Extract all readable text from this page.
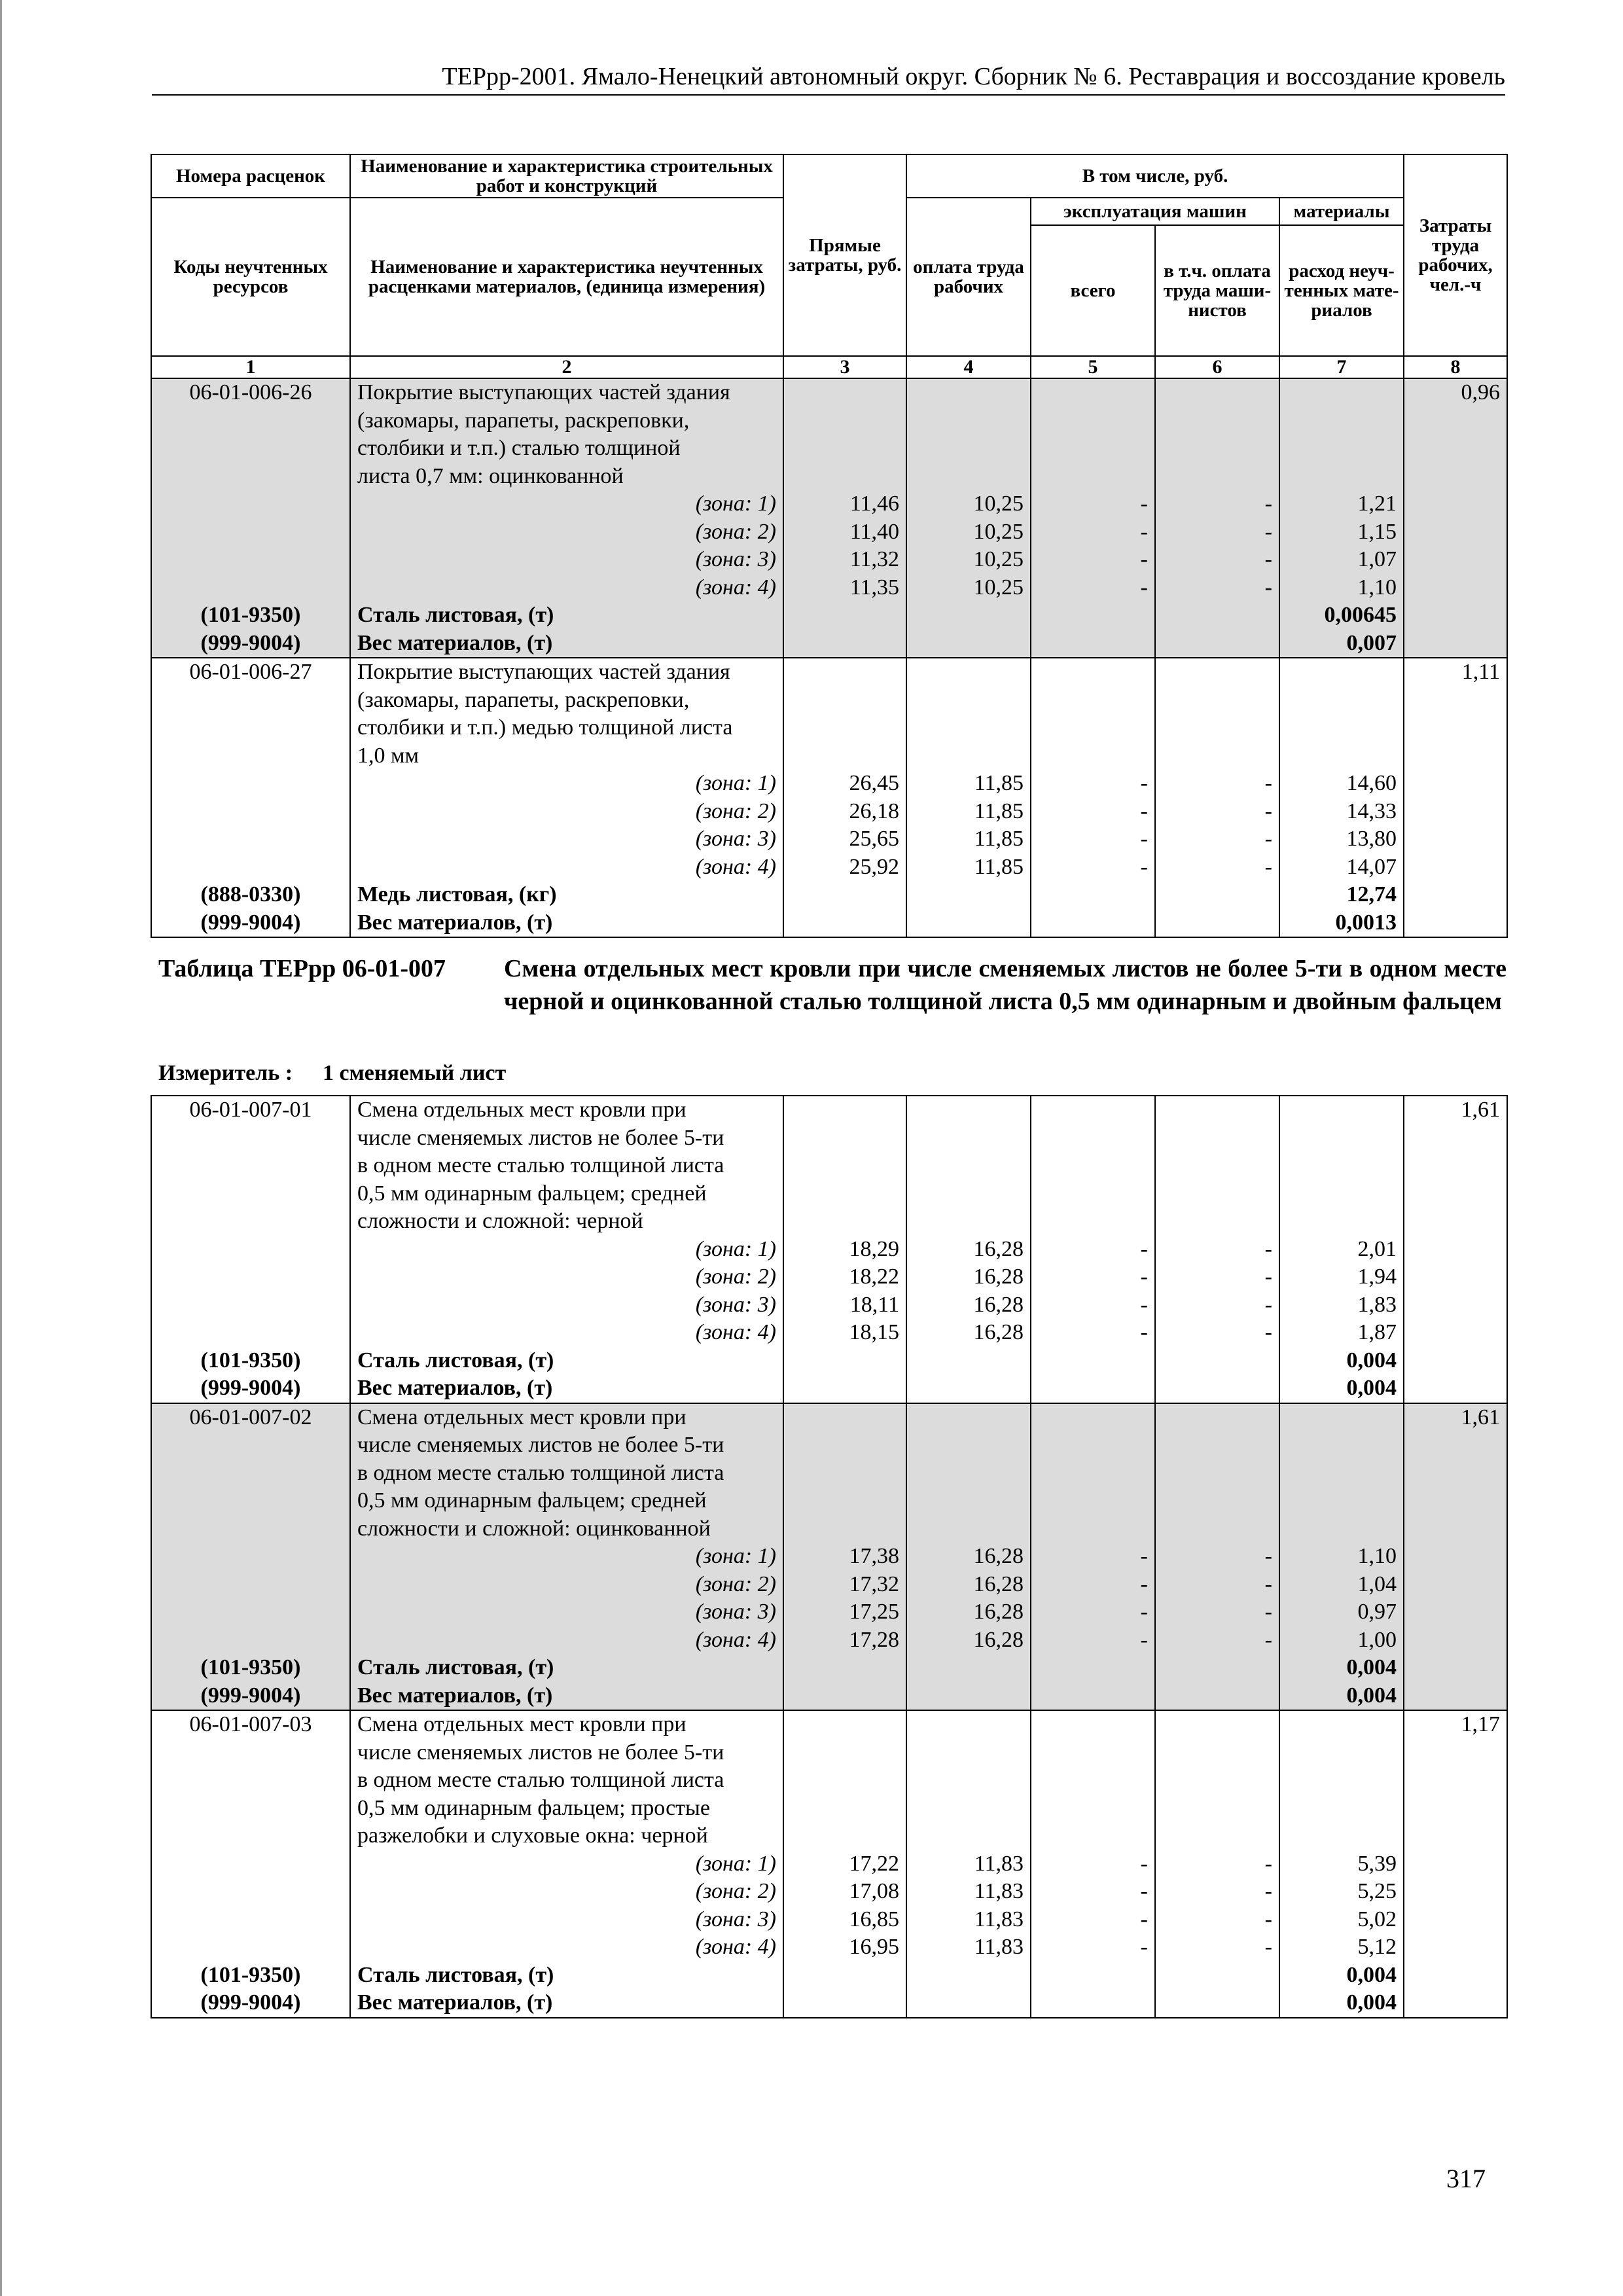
ТЕРрр-2001. Ямало-Ненецкий автономный округ. Сборник № 6. Реставрация и воссоздание кровель
Номера расценок	Наименование и характеристика строительных работ и конструкций	Прямые затраты, руб.	В том числе, руб.				Затраты труда рабочих, чел.-ч
Коды неучтенных ресурсов	Наименование и характеристика неучтенных расценками материалов, (единица измерения)		оплата труда рабочих	эксплуатация машин		материалы	
				всего	в т.ч. оплата труда маши-нистов	расход неуч-тенных мате-риалов	
1	2	3	4	5	6	7	8
06-01-006-26	Покрытие выступающих частей здания						0,96
	(закомары, парапеты, раскреповки,						
	столбики и т.п.) сталью толщиной						
	листа 0,7 мм: оцинкованной						
	(зона: 1)	11,46	10,25	-	-	1,21	
	(зона: 2)	11,40	10,25	-	-	1,15	
	(зона: 3)	11,32	10,25	-	-	1,07	
	(зона: 4)	11,35	10,25	-	-	1,10	
(101-9350)	Сталь листовая, (т)					0,00645	
(999-9004)	Вес материалов, (т)					0,007	
06-01-006-27	Покрытие выступающих частей здания						1,11
	(закомары, парапеты, раскреповки,						
	столбики и т.п.) медью толщиной листа						
	1,0 мм						
	(зона: 1)	26,45	11,85	-	-	14,60	
	(зона: 2)	26,18	11,85	-	-	14,33	
	(зона: 3)	25,65	11,85	-	-	13,80	
	(зона: 4)	25,92	11,85	-	-	14,07	
(888-0330)	Медь листовая, (кг)					12,74	
(999-9004)	Вес материалов, (т)					0,0013	
Таблица ТЕРрр 06-01-007 Смена отдельных мест кровли при числе сменяемых листов не более 5-ти в одном месте черной и оцинкованной сталью толщиной листа 0,5 мм одинарным и двойным фальцем
Измеритель : 1 сменяемый лист
06-01-007-01	Смена отдельных мест кровли при						1,61
	числе сменяемых листов не более 5-ти						
	в одном месте сталью толщиной листа						
	0,5 мм одинарным фальцем; средней						
	сложности и сложной: черной						
	(зона: 1)	18,29	16,28	-	-	2,01	
	(зона: 2)	18,22	16,28	-	-	1,94	
	(зона: 3)	18,11	16,28	-	-	1,83	
	(зона: 4)	18,15	16,28	-	-	1,87	
(101-9350)	Сталь листовая, (т)					0,004	
(999-9004)	Вес материалов, (т)					0,004	
06-01-007-02	Смена отдельных мест кровли при						1,61
	числе сменяемых листов не более 5-ти						
	в одном месте сталью толщиной листа						
	0,5 мм одинарным фальцем; средней						
	сложности и сложной: оцинкованной						
	(зона: 1)	17,38	16,28	-	-	1,10	
	(зона: 2)	17,32	16,28	-	-	1,04	
	(зона: 3)	17,25	16,28	-	-	0,97	
	(зона: 4)	17,28	16,28	-	-	1,00	
(101-9350)	Сталь листовая, (т)					0,004	
(999-9004)	Вес материалов, (т)					0,004	
06-01-007-03	Смена отдельных мест кровли при						1,17
	числе сменяемых листов не более 5-ти						
	в одном месте сталью толщиной листа						
	0,5 мм одинарным фальцем; простые						
	разжелобки и слуховые окна: черной						
	(зона: 1)	17,22	11,83	-	-	5,39	
	(зона: 2)	17,08	11,83	-	-	5,25	
	(зона: 3)	16,85	11,83	-	-	5,02	
	(зона: 4)	16,95	11,83	-	-	5,12	
(101-9350)	Сталь листовая, (т)					0,004	
(999-9004)	Вес материалов, (т)					0,004	
317
